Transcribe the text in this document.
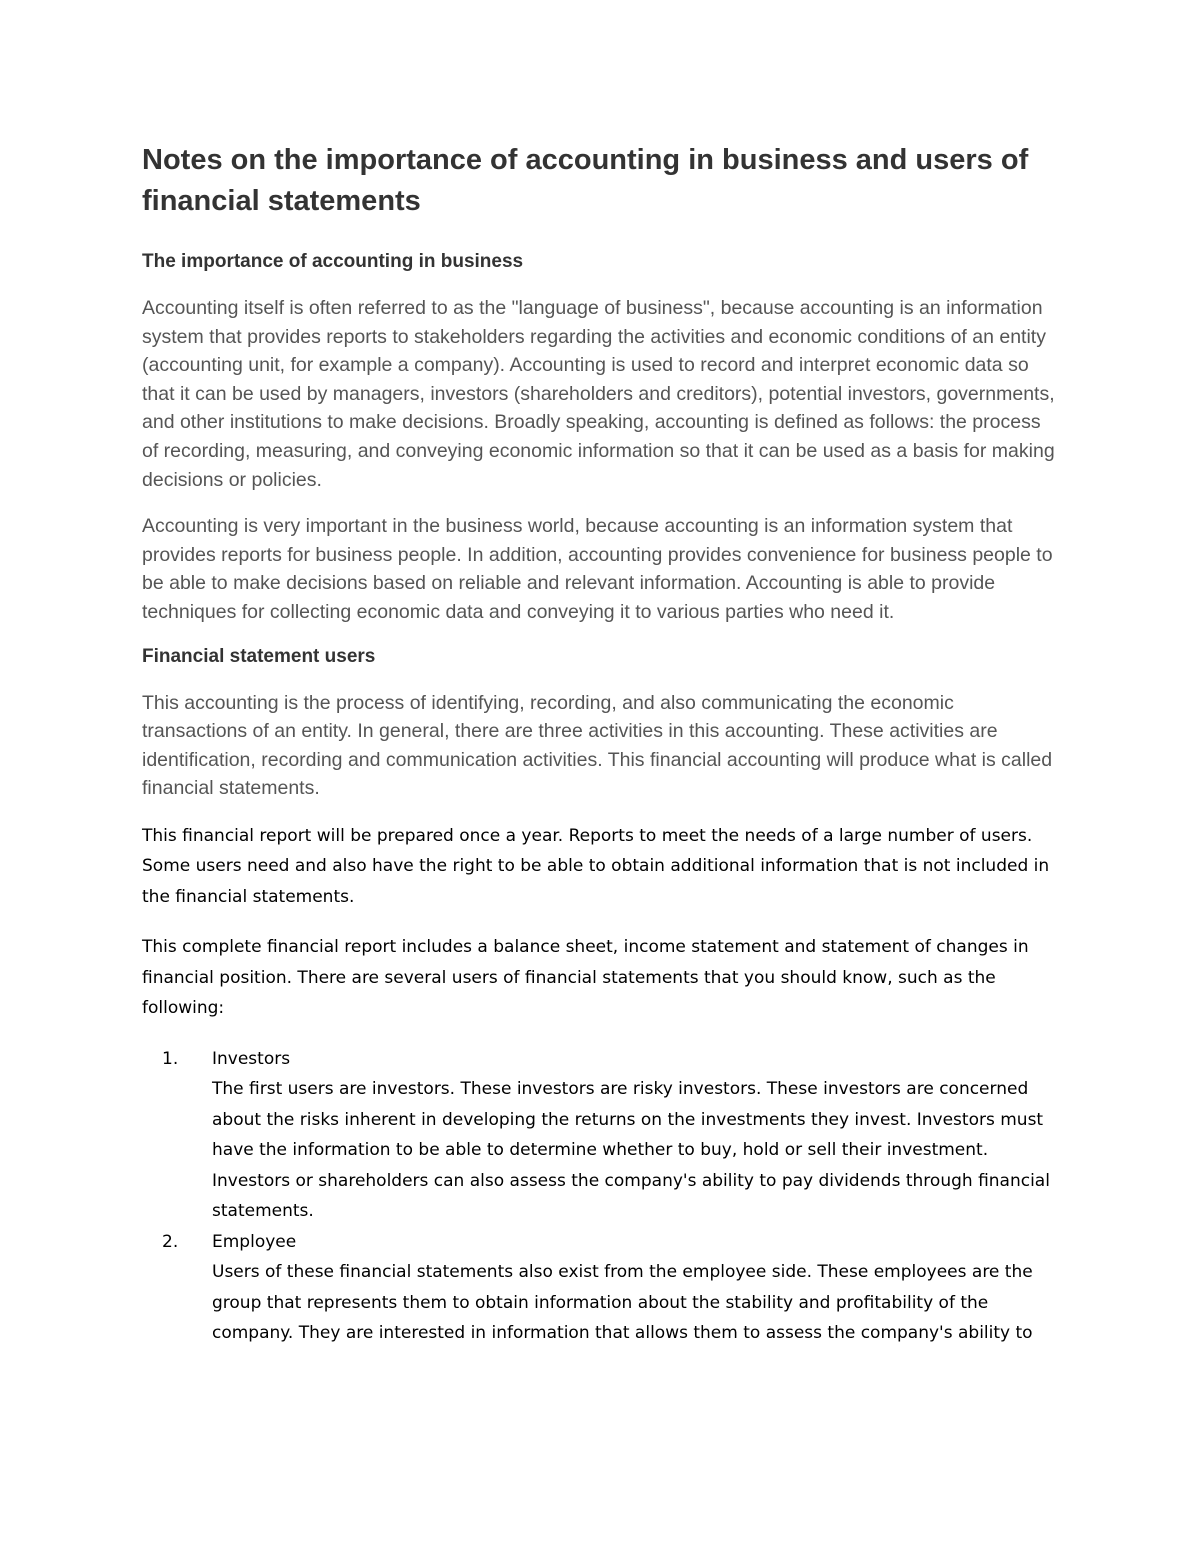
Notes on the importance of accounting in business and users of financial statements
The importance of accounting in business

Accounting itself is often referred to as the "language of business", because accounting is an information system that provides reports to stakeholders regarding the activities and economic conditions of an entity (accounting unit, for example a company). Accounting is used to record and interpret economic data so that it can be used by managers, investors (shareholders and creditors), potential investors, governments, and other institutions to make decisions. Broadly speaking, accounting is defined as follows: the process of recording, measuring, and conveying economic information so that it can be used as a basis for making decisions or policies.

Accounting is very important in the business world, because accounting is an information system that provides reports for business people. In addition, accounting provides convenience for business people to be able to make decisions based on reliable and relevant information. Accounting is able to provide techniques for collecting economic data and conveying it to various parties who need it.

Financial statement users

This accounting is the process of identifying, recording, and also communicating the economic transactions of an entity. In general, there are three activities in this accounting. These activities are identification, recording and communication activities. This financial accounting will produce what is called financial statements.

This financial report will be prepared once a year. Reports to meet the needs of a large number of users. Some users need and also have the right to be able to obtain additional information that is not included in the financial statements.

This complete financial report includes a balance sheet, income statement and statement of changes in financial position. There are several users of financial statements that you should know, such as the following:

1. Investors
The first users are investors. These investors are risky investors. These investors are concerned about the risks inherent in developing the returns on the investments they invest. Investors must have the information to be able to determine whether to buy, hold or sell their investment. Investors or shareholders can also assess the company's ability to pay dividends through financial statements.
2. Employee
Users of these financial statements also exist from the employee side. These employees are the group that represents them to obtain information about the stability and profitability of the company. They are interested in information that allows them to assess the company's ability to
